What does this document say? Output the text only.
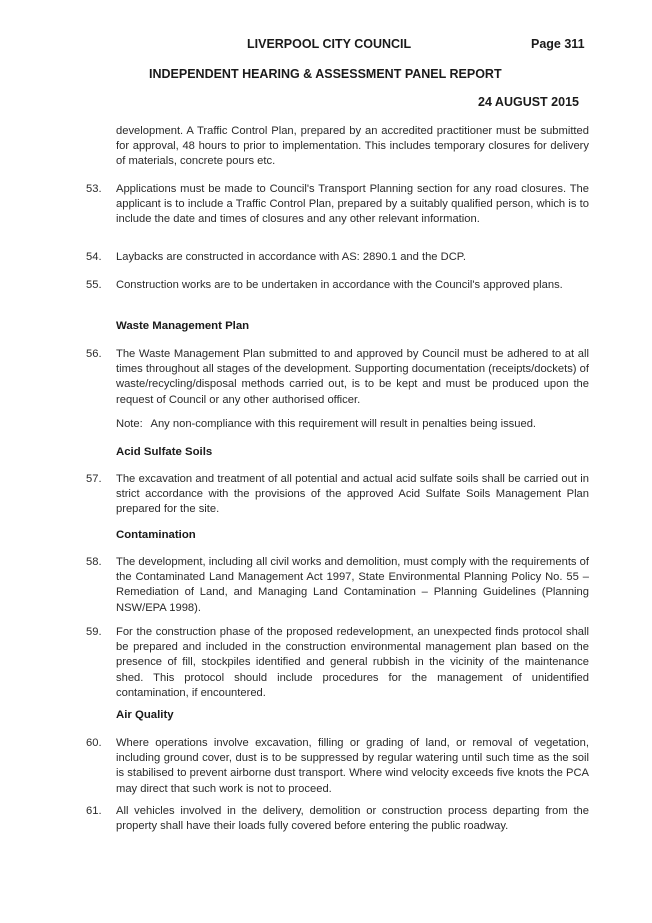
LIVERPOOL CITY COUNCIL	Page 311
INDEPENDENT HEARING & ASSESSMENT PANEL REPORT
24 AUGUST 2015
development. A Traffic Control Plan, prepared by an accredited practitioner must be submitted for approval, 48 hours to prior to implementation. This includes temporary closures for delivery of materials, concrete pours etc.
53. Applications must be made to Council's Transport Planning section for any road closures. The applicant is to include a Traffic Control Plan, prepared by a suitably qualified person, which is to include the date and times of closures and any other relevant information.
54. Laybacks are constructed in accordance with AS: 2890.1 and the DCP.
55. Construction works are to be undertaken in accordance with the Council's approved plans.
Waste Management Plan
56. The Waste Management Plan submitted to and approved by Council must be adhered to at all times throughout all stages of the development. Supporting documentation (receipts/dockets) of waste/recycling/disposal methods carried out, is to be kept and must be produced upon the request of Council or any other authorised officer.
Note: Any non-compliance with this requirement will result in penalties being issued.
Acid Sulfate Soils
57. The excavation and treatment of all potential and actual acid sulfate soils shall be carried out in strict accordance with the provisions of the approved Acid Sulfate Soils Management Plan prepared for the site.
Contamination
58. The development, including all civil works and demolition, must comply with the requirements of the Contaminated Land Management Act 1997, State Environmental Planning Policy No. 55 – Remediation of Land, and Managing Land Contamination – Planning Guidelines (Planning NSW/EPA 1998).
59. For the construction phase of the proposed redevelopment, an unexpected finds protocol shall be prepared and included in the construction environmental management plan based on the presence of fill, stockpiles identified and general rubbish in the vicinity of the maintenance shed. This protocol should include procedures for the management of unidentified contamination, if encountered.
Air Quality
60. Where operations involve excavation, filling or grading of land, or removal of vegetation, including ground cover, dust is to be suppressed by regular watering until such time as the soil is stabilised to prevent airborne dust transport. Where wind velocity exceeds five knots the PCA may direct that such work is not to proceed.
61. All vehicles involved in the delivery, demolition or construction process departing from the property shall have their loads fully covered before entering the public roadway.
